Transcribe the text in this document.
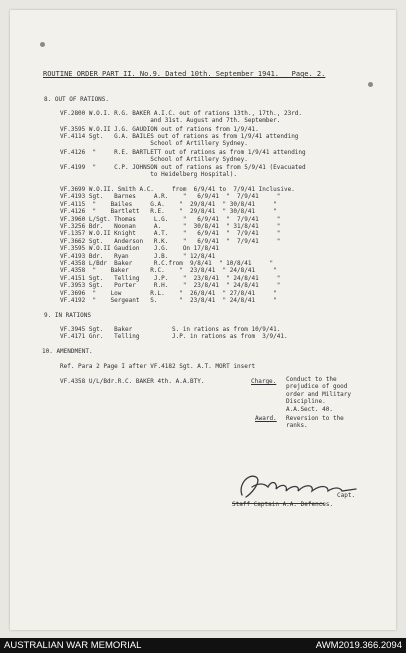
ROUTINE ORDER PART II. No.9. Dated 10th. September 1941.   Page. 2.
8. OUT OF RATIONS.
VF.2800 W.O.I. R.G. BAKER A.I.C. out of rations 13th., 17th., 23rd.
and 31st. August and 7th. September.
VF.3595 W.O.II J.G. GAUDION out of rations from 1/9/41.
VF.4114 Sgt.   G.A. BAILES out of rations as from 1/9/41 attending
School of Artillery Sydney.
VF.4126  "     R.E. BARTLETT out of rations as from 1/9/41 attending
School of Artillery Sydney.
VF.4199  "     C.P. JOHNSON out of rations as from 5/9/41 (Evacuated
to Heidelberg Hospital).
VF.3699 W.O.II. Smith A.C.     from  6/9/41 to  7/9/41 Inclusive.
VF.4193 Sgt.   Barnes     A.R.    "   6/9/41  "  7/9/41     "
VF.4115  "    Bailes     G.A.    "  29/8/41  " 30/8/41     "
VF.4126  "    Bartlett   R.E.    "  29/8/41  " 30/8/41     "
VF.3960 L/Sgt. Thomas     L.G.    "   6/9/41  "  7/9/41     "
VF.3256 Bdr.   Noonan     A.      "  30/8/41  " 31/8/41     "
VF.1357 W.O.II Knight     A.T.    "   6/9/41  "  7/9/41     "
VF.3662 Sgt.   Anderson   R.K.    "   6/9/41  "  7/9/41     "
VF.3595 W.O.II Gaudion    J.G.    On 17/8/41
VF.4193 Bdr.   Ryan       J.B.    " 12/8/41
VF.4358 L/Bdr  Baker      R.C.from  9/8/41  " 10/8/41     "
VF.4358  "    Baker      R.C.    "  23/8/41  " 24/8/41     "
VF.4151 Sgt.   Telling    J.P.    "  23/8/41  " 24/8/41     "
VF.3953 Sgt.   Porter     R.H.    "  23/8/41  " 24/8/41     "
VF.3696  "    Low        R.L.    "  26/8/41  " 27/8/41     "
VF.4192  "    Sergeant   S.      "  23/8/41  " 24/8/41     "
9. IN RATIONS
VF.3945 Sgt.   Baker           S. in rations as from 10/9/41.
VF.4171 Gnr.   Telling         J.P. in rations as from  3/9/41.
10. AMENDMENT.
Ref. Para 2 Page I after VF.4182 Sgt. A.T. MORT insert
VF.4358 U/L/Bdr.R.C. BAKER 4th. A.A.BTY.	Charge. Conduct to the
prejudice of good
order and Military
Discipline.
A.A.Sect. 40.
Award. Reversion to the
ranks.
Capt.
Staff Captain A.A. Defences.
AUSTRALIAN WAR MEMORIAL	AWM2019.366.2094
